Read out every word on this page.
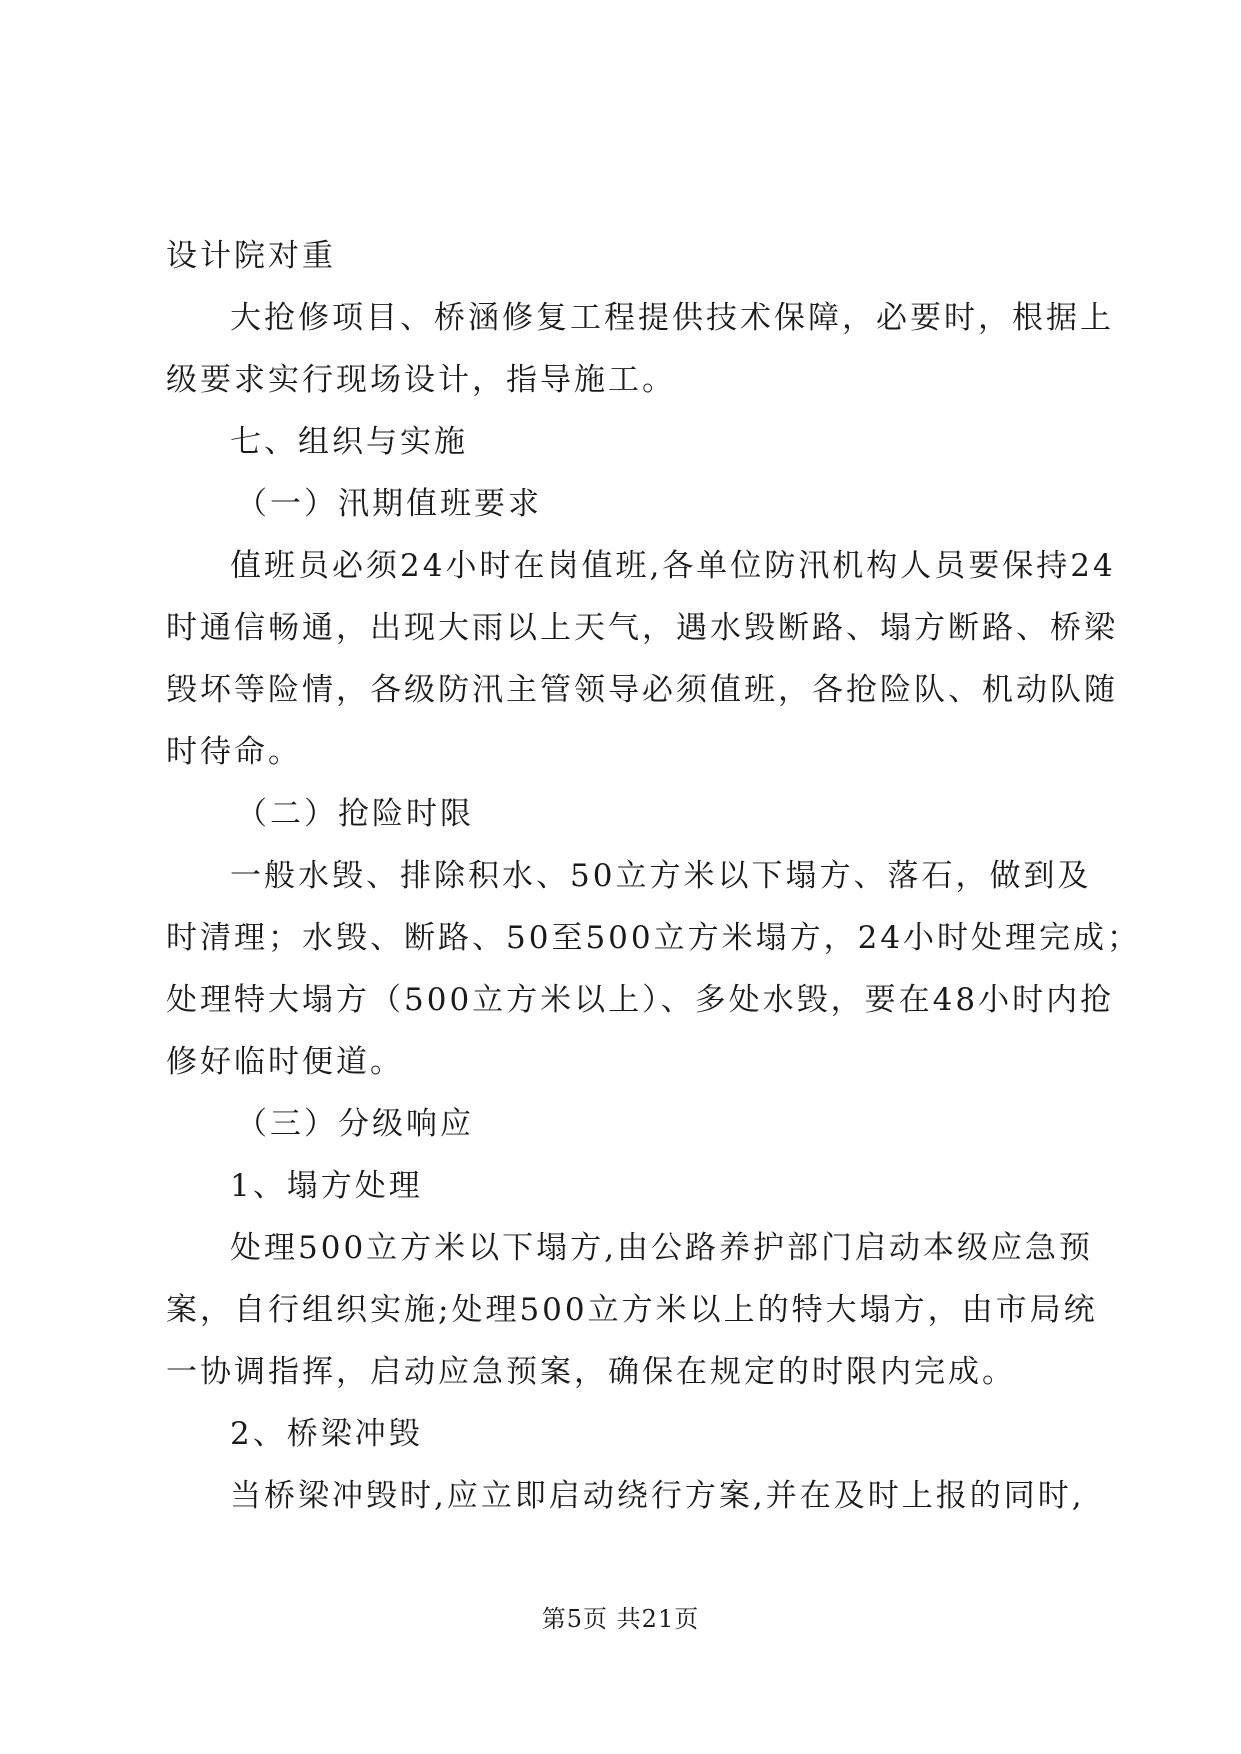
设计院对重
大抢修项目、桥涵修复工程提供技术保障，必要时，根据上
级要求实行现场设计，指导施工。
七、组织与实施
（一）汛期值班要求
值班员必须24小时在岗值班,各单位防汛机构人员要保持24
时通信畅通，出现大雨以上天气，遇水毁断路、塌方断路、桥梁
毁坏等险情，各级防汛主管领导必须值班，各抢险队、机动队随
时待命。
（二）抢险时限
一般水毁、排除积水、50立方米以下塌方、落石，做到及
时清理；水毁、断路、50至500立方米塌方，24小时处理完成；
处理特大塌方（500立方米以上）、多处水毁，要在48小时内抢
修好临时便道。
（三）分级响应
1、塌方处理
处理500立方米以下塌方,由公路养护部门启动本级应急预
案，自行组织实施;处理500立方米以上的特大塌方，由市局统
一协调指挥，启动应急预案，确保在规定的时限内完成。
2、桥梁冲毁
当桥梁冲毁时,应立即启动绕行方案,并在及时上报的同时,
第5页 共21页
